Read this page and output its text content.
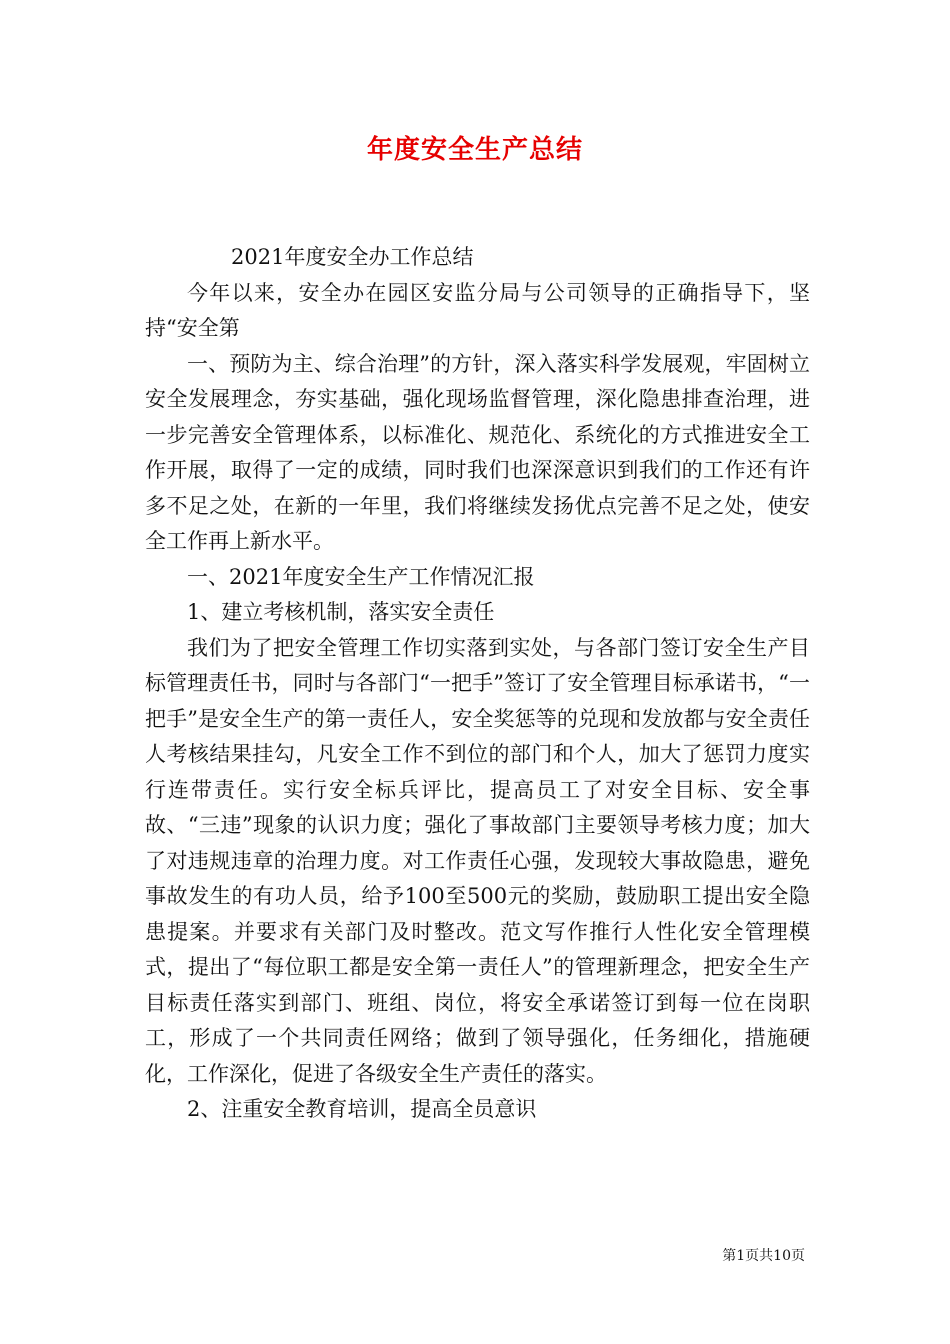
年度安全生产总结

2021年度安全办工作总结

今年以来，安全办在园区安监分局与公司领导的正确指导下，坚持“安全第

一、预防为主、综合治理”的方针，深入落实科学发展观，牢固树立安全发展理念，夯实基础，强化现场监督管理，深化隐患排查治理，进一步完善安全管理体系，以标准化、规范化、系统化的方式推进安全工作开展，取得了一定的成绩，同时我们也深深意识到我们的工作还有许多不足之处，在新的一年里，我们将继续发扬优点完善不足之处，使安全工作再上新水平。

一、2021年度安全生产工作情况汇报

1、建立考核机制，落实安全责任

我们为了把安全管理工作切实落到实处，与各部门签订安全生产目标管理责任书，同时与各部门“一把手”签订了安全管理目标承诺书，“一把手”是安全生产的第一责任人，安全奖惩等的兑现和发放都与安全责任人考核结果挂勾，凡安全工作不到位的部门和个人，加大了惩罚力度实行连带责任。实行安全标兵评比，提高员工了对安全目标、安全事故、“三违”现象的认识力度；强化了事故部门主要领导考核力度；加大了对违规违章的治理力度。对工作责任心强，发现较大事故隐患，避免事故发生的有功人员，给予100至500元的奖励，鼓励职工提出安全隐患提案。并要求有关部门及时整改。范文写作推行人性化安全管理模式，提出了“每位职工都是安全第一责任人”的管理新理念，把安全生产目标责任落实到部门、班组、岗位，将安全承诺签订到每一位在岗职工，形成了一个共同责任网络；做到了领导强化，任务细化，措施硬化，工作深化，促进了各级安全生产责任的落实。

2、注重安全教育培训，提高全员意识

第1页共10页
